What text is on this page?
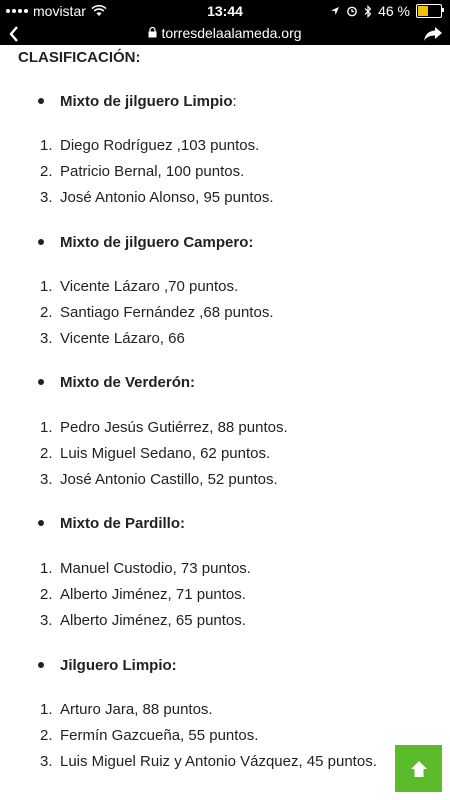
movistar	13:44	46 %
torresdelaalameda.org
CLASIFICACIÓN:
Mixto de jilguero Limpio:
1. Diego Rodríguez ,103 puntos.
2. Patricio Bernal, 100 puntos.
3. José Antonio Alonso, 95 puntos.
Mixto de jilguero Campero:
1. Vicente Lázaro ,70 puntos.
2. Santiago Fernández ,68 puntos.
3. Vicente Lázaro, 66
Mixto de Verderón:
1. Pedro Jesús Gutiérrez, 88 puntos.
2. Luis Miguel Sedano, 62 puntos.
3. José Antonio Castillo, 52 puntos.
Mixto de Pardillo:
1. Manuel Custodio, 73 puntos.
2. Alberto Jiménez, 71 puntos.
3. Alberto Jiménez, 65 puntos.
Jilguero Limpio:
1. Arturo Jara, 88 puntos.
2. Fermín Gazcueña, 55 puntos.
3. Luis Miguel Ruiz y Antonio Vázquez, 45 puntos.
